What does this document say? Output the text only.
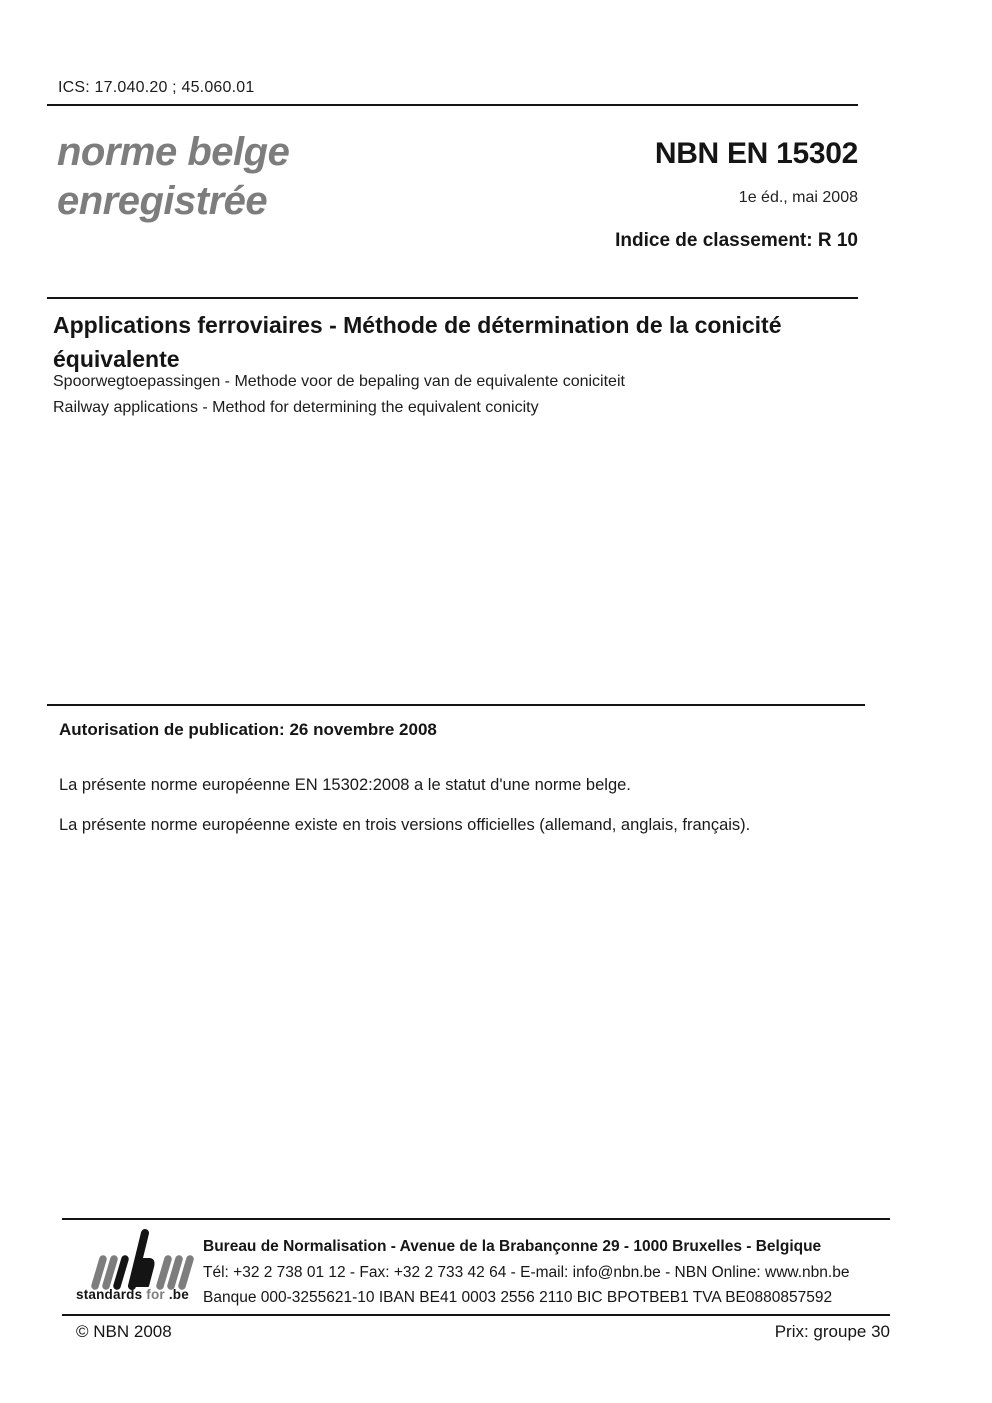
ICS: 17.040.20 ; 45.060.01
norme belge
enregistrée
NBN EN 15302
1e éd., mai 2008
Indice de classement: R 10
Applications ferroviaires - Méthode de détermination de la conicité
équivalente
Spoorwegtoepassingen - Methode voor de bepaling van de equivalente coniciteit
Railway applications - Method for determining the equivalent conicity
Autorisation de publication: 26 novembre 2008
La présente norme européenne EN 15302:2008 a le statut d'une norme belge.
La présente norme européenne existe en trois versions officielles (allemand, anglais, français).
standards for .be
Bureau de Normalisation - Avenue de la Brabançonne 29 - 1000 Bruxelles - Belgique
Tél: +32 2 738 01 12 - Fax: +32 2 733 42 64 - E-mail: info@nbn.be - NBN Online: www.nbn.be
Banque 000-3255621-10 IBAN BE41 0003 2556 2110 BIC BPOTBEB1 TVA BE0880857592
© NBN 2008	Prix: groupe 30
